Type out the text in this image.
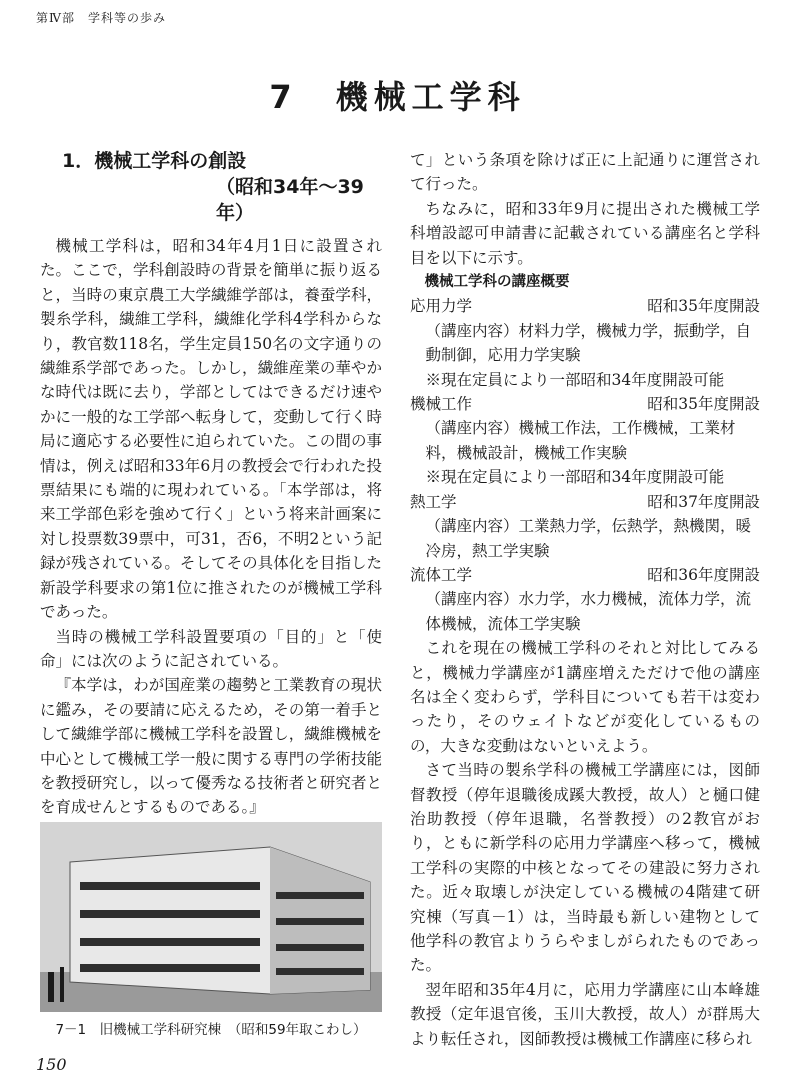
第Ⅳ部　学科等の歩み
7　機械工学科
1．機械工学科の創設
（昭和34年～39年）

機械工学科は，昭和34年4月1日に設置された。ここで，学科創設時の背景を簡単に振り返ると，当時の東京農工大学繊維学部は，養蚕学科，製糸学科，繊維工学科，繊維化学科4学科からなり，教官数118名，学生定員150名の文字通りの繊維系学部であった。しかし，繊維産業の華やかな時代は既に去り，学部としてはできるだけ速やかに一般的な工学部へ転身して，変動して行く時局に適応する必要性に迫られていた。この間の事情は，例えば昭和33年6月の教授会で行われた投票結果にも端的に現われている。「本学部は，将来工学部色彩を強めて行く」という将来計画案に対し投票数39票中，可31，否6，不明2という記録が残されている。そしてその具体化を目指した新設学科要求の第1位に推されたのが機械工学科であった。

当時の機械工学科設置要項の「目的」と「使命」には次のように記されている。

『本学は，わが国産業の趨勢と工業教育の現状に鑑み，その要請に応えるため，その第一着手として繊維学部に機械工学科を設置し，繊維機械を中心として機械工学一般に関する専門の学術技能を教授研究し，以って優秀なる技術者と研究者とを育成せんとするものである。』

7－1　旧機械工学科研究棟　（昭和59年取こわし）

て」という条項を除けば正に上記通りに運営されて行った。

ちなみに，昭和33年9月に提出された機械工学科増設認可申請書に記載されている講座名と学科目を以下に示す。

機械工学科の講座概要
応用力学	昭和35年度開設
（講座内容）材料力学，機械力学，振動学，自動制御，応用力学実験
※現在定員により一部昭和34年度開設可能
機械工作	昭和35年度開設
（講座内容）機械工作法，工作機械，工業材料，機械設計，機械工作実験
※現在定員により一部昭和34年度開設可能
熱工学	昭和37年度開設
（講座内容）工業熱力学，伝熱学，熱機関，暖冷房，熱工学実験
流体工学	昭和36年度開設
（講座内容）水力学，水力機械，流体力学，流体機械，流体工学実験

これを現在の機械工学科のそれと対比してみると，機械力学講座が1講座増えただけで他の講座名は全く変わらず，学科目についても若干は変わったり，そのウェイトなどが変化しているものの，大きな変動はないといえよう。

さて当時の製糸学科の機械工学講座には，図師督教授（停年退職後成蹊大教授，故人）と樋口健治助教授（停年退職，名誉教授）の2教官がおり，ともに新学科の応用力学講座へ移って，機械工学科の実際的中核となってその建設に努力された。近々取壊しが決定している機械の4階建て研究棟（写真－1）は，当時最も新しい建物として他学科の教官よりうらやましがられたものであった。

翌年昭和35年4月に，応用力学講座に山本峰雄教授（定年退官後，玉川大教授，故人）が群馬大より転任され，図師教授は機械工作講座に移られ

150
